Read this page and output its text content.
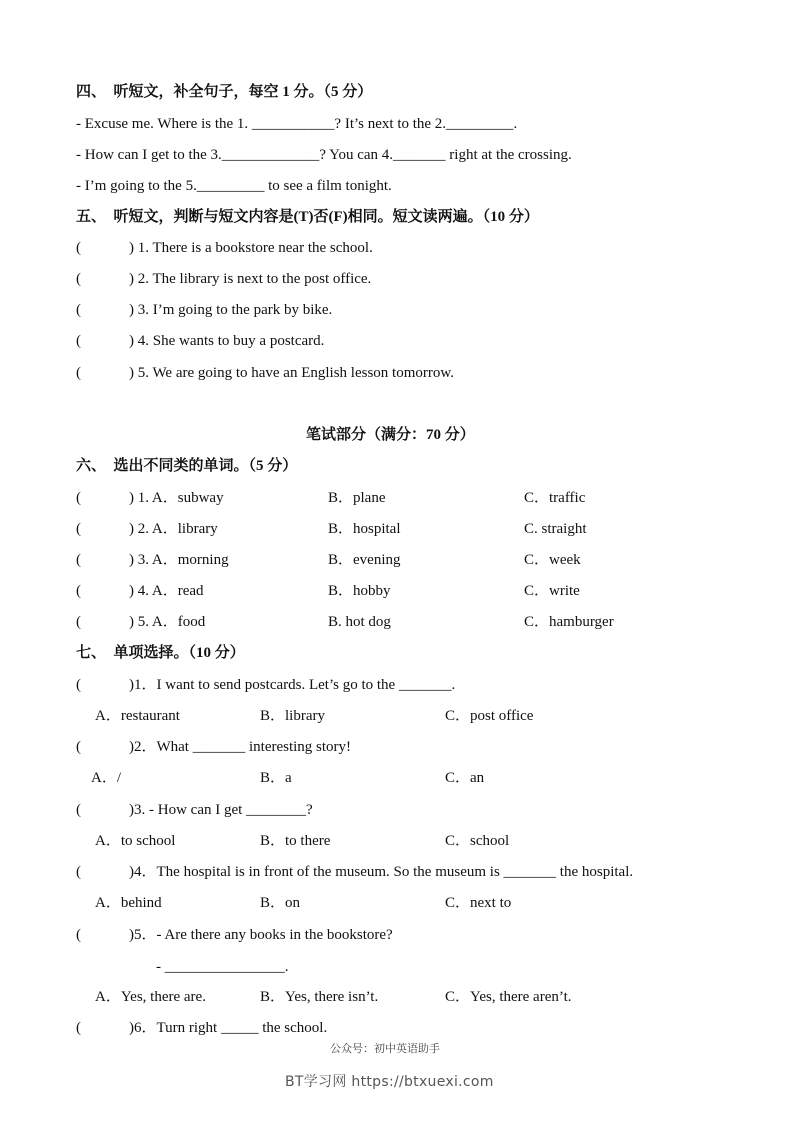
四、  听短文，补全句子，每空 1 分。（5 分）
- Excuse me. Where is the 1. ___________? It’s next to the 2._________.
- How can I get to the 3._____________? You can 4._______ right at the crossing.
- I’m going to the 5._________ to see a film tonight.
五、  听短文，判断与短文内容是(T)否(F)相同。短文读两遍。（10 分）
(	) 1. There is a bookstore near the school.
(	) 2. The library is next to the post office.
(	) 3. I’m going to the park by bike.
(	) 4. She wants to buy a postcard.
(	) 5. We are going to have an English lesson tomorrow.
笔试部分（满分：70 分）
六、  选出不同类的单词。（5 分）
(	) 1. A．subway	B．plane	C．traffic
(	) 2. A．library	B．hospital	C. straight
(	) 3. A．morning	B．evening	C．week
(	) 4. A．read	B．hobby	C．write
(	) 5. A．food	B. hot dog	C．hamburger
七、  单项选择。（10 分）
(	)1．I want to send postcards. Let’s go to the _______.
A．restaurant	B．library	C．post office
(	)2．What _______ interesting story!
A．/	B．a	C．an
(	)3. - How can I get ________?
A．to school	B．to there	C．school
(	)4．The hospital is in front of the museum. So the museum is _______ the hospital.
A．behind	B．on	C．next to
(	)5．- Are there any books in the bookstore?
- ________________.
A．Yes, there are.	B．Yes, there isn’t.	C．Yes, there aren’t.
(	)6．Turn right _____ the school.
公众号：初中英语助手
BT学习网 https://btxuexi.com
